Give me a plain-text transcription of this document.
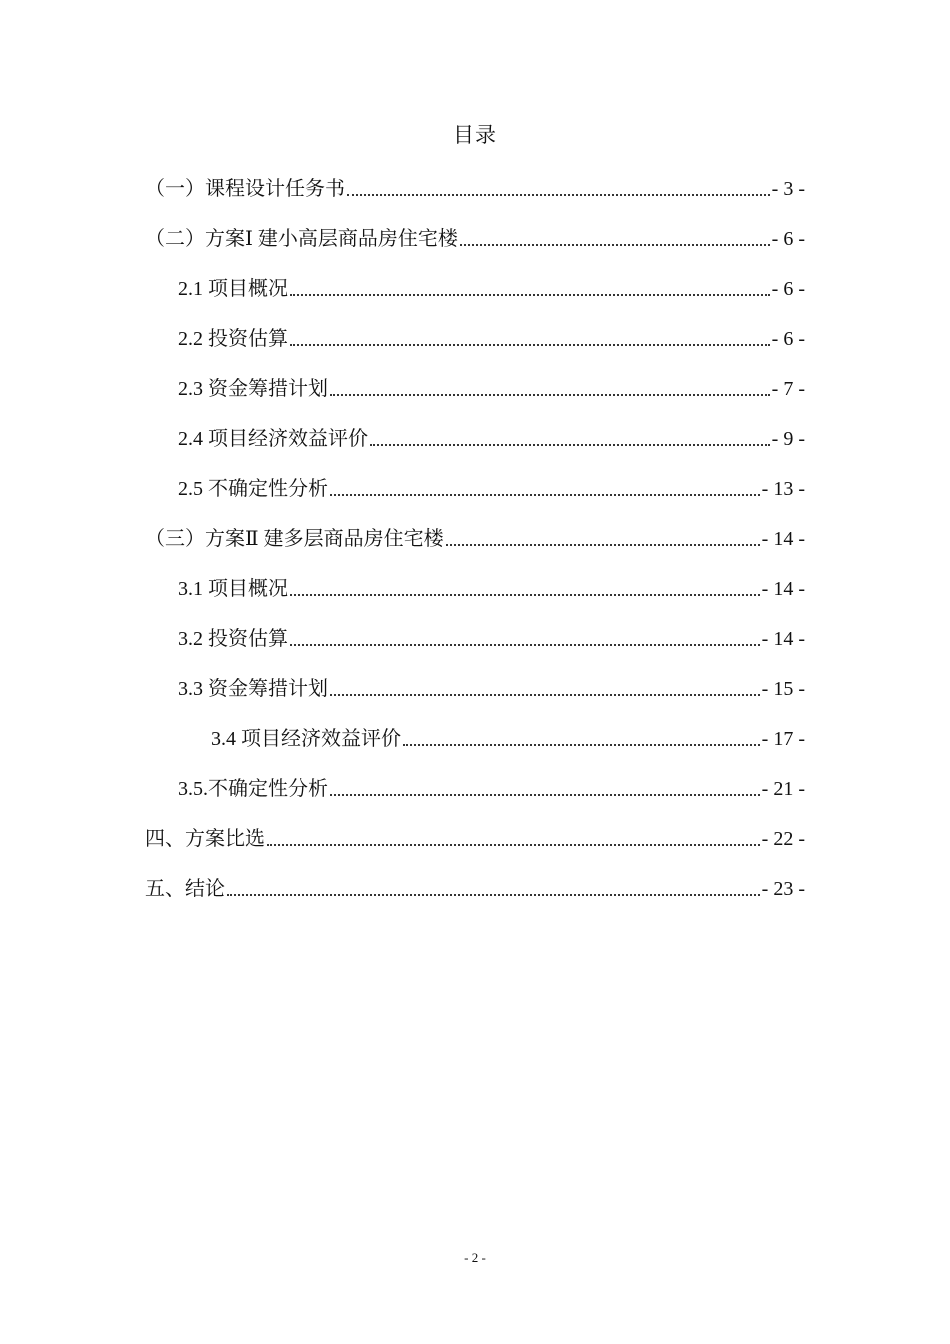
目录
（一）课程设计任务书	- 3 -
（二）方案Ⅰ 建小高层商品房住宅楼	- 6 -
2.1 项目概况	- 6 -
2.2 投资估算	- 6 -
2.3 资金筹措计划	- 7 -
2.4 项目经济效益评价	- 9 -
2.5 不确定性分析	- 13 -
（三）方案Ⅱ 建多层商品房住宅楼	- 14 -
3.1 项目概况	- 14 -
3.2 投资估算	- 14 -
3.3 资金筹措计划	- 15 -
3.4 项目经济效益评价	- 17 -
3.5.不确定性分析	- 21 -
四、方案比选	- 22 -
五、结论	- 23 -
- 2 -
